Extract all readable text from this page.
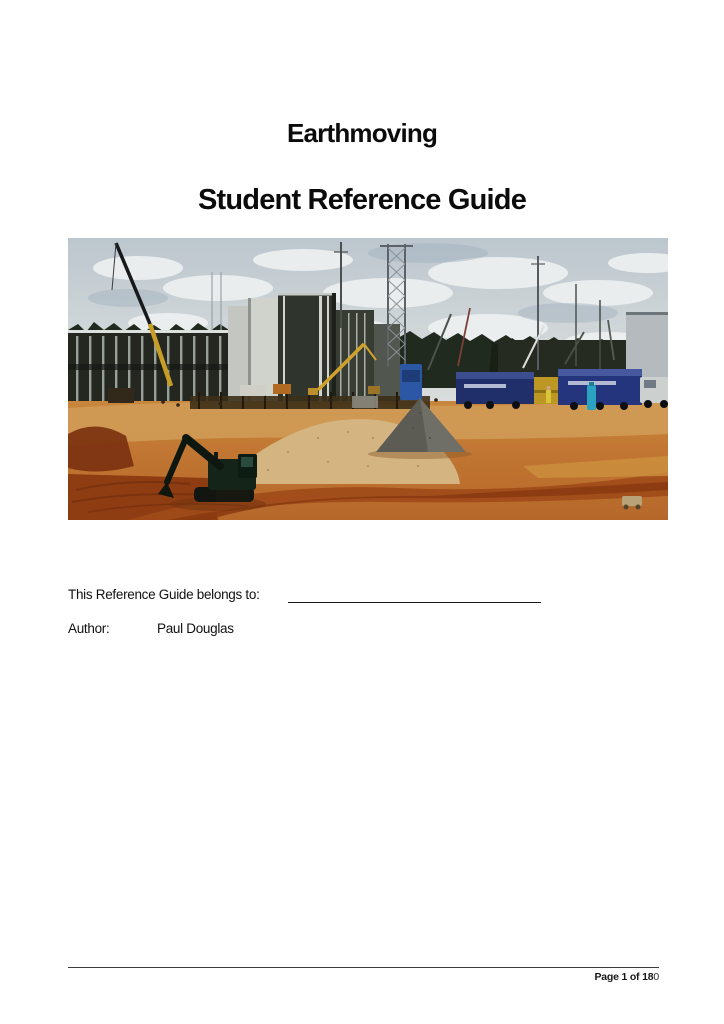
Earthmoving
Student Reference Guide
This Reference Guide belongs to:
Author:	Paul Douglas
Page 1 of 180
